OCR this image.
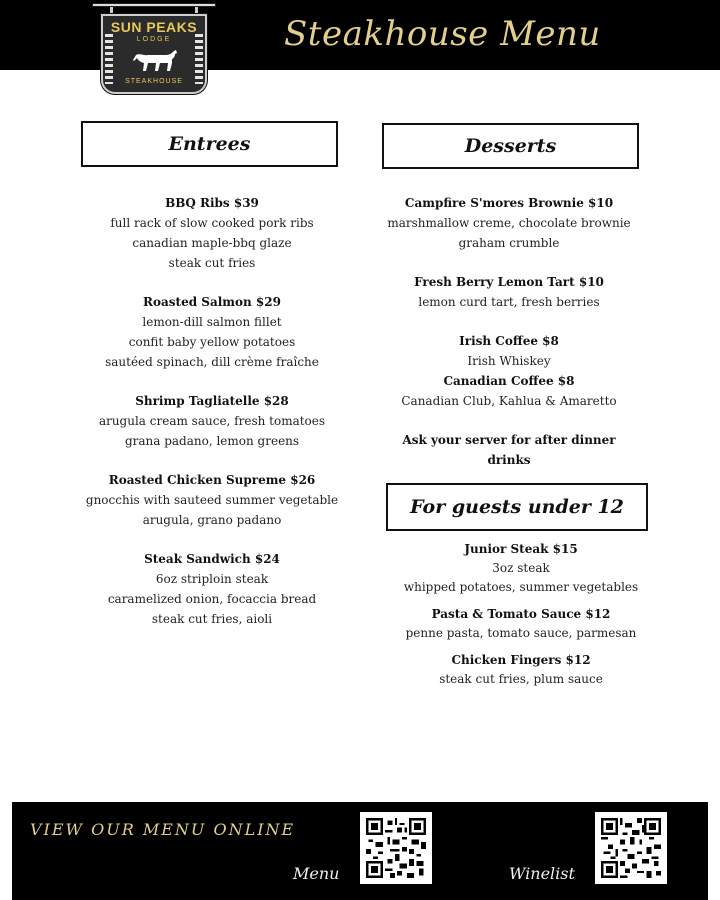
Steakhouse Menu
SUN PEAKS
LODGE
STEAKHOUSE
Entrees	Desserts
For guests under 12
BBQ Ribs $39
full rack of slow cooked pork ribs
canadian maple-bbq glaze
steak cut fries
Roasted Salmon $29
lemon-dill salmon fillet
confit baby yellow potatoes
sautéed spinach, dill crème fraîche
Shrimp Tagliatelle $28
arugula cream sauce, fresh tomatoes
grana padano, lemon greens
Roasted Chicken Supreme $26
gnocchis with sauteed summer vegetable
arugula, grano padano
Steak Sandwich $24
6oz striploin steak
caramelized onion, focaccia bread
steak cut fries, aioli
Campfire S'mores Brownie $10
marshmallow creme, chocolate brownie
graham crumble
Fresh Berry Lemon Tart $10
lemon curd tart, fresh berries
Irish Coffee $8
Irish Whiskey
Canadian Coffee $8
Canadian Club, Kahlua & Amaretto
Ask your server for after dinner drinks
Junior Steak $15
3oz steak
whipped potatoes, summer vegetables
Pasta & Tomato Sauce $12
penne pasta, tomato sauce, parmesan
Chicken Fingers $12
steak cut fries, plum sauce
VIEW OUR MENU ONLINE
Menu	Winelist
